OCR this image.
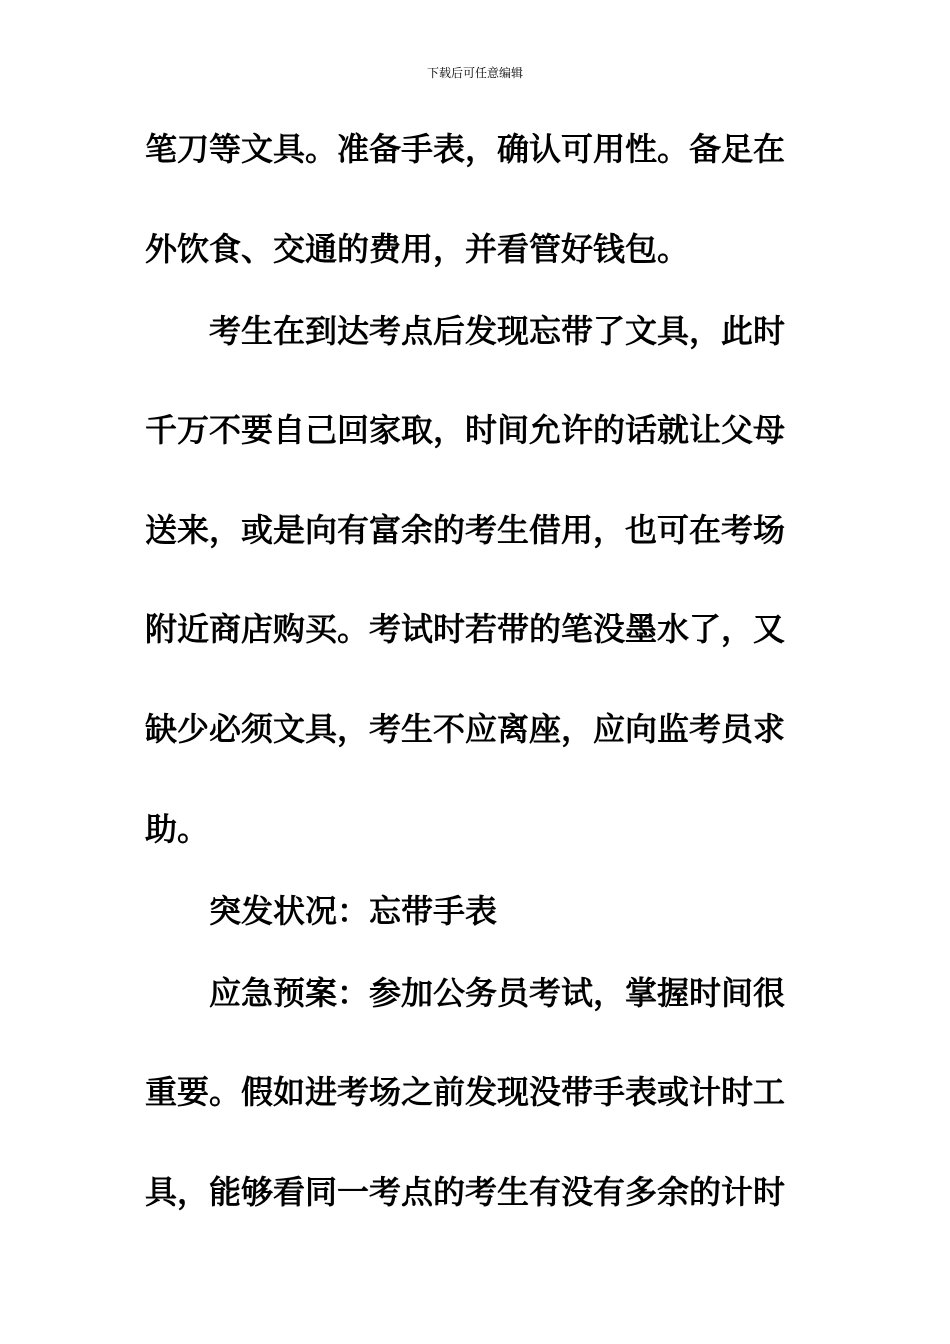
下载后可任意编辑
笔刀等文具。准备手表，确认可用性。备足在
外饮食、交通的费用，并看管好钱包。
考生在到达考点后发现忘带了文具，此时
千万不要自己回家取，时间允许的话就让父母
送来，或是向有富余的考生借用，也可在考场
附近商店购买。考试时若带的笔没墨水了，又
缺少必须文具，考生不应离座，应向监考员求
助。
突发状况：忘带手表
应急预案：参加公务员考试，掌握时间很
重要。假如进考场之前发现没带手表或计时工
具，能够看同一考点的考生有没有多余的计时
